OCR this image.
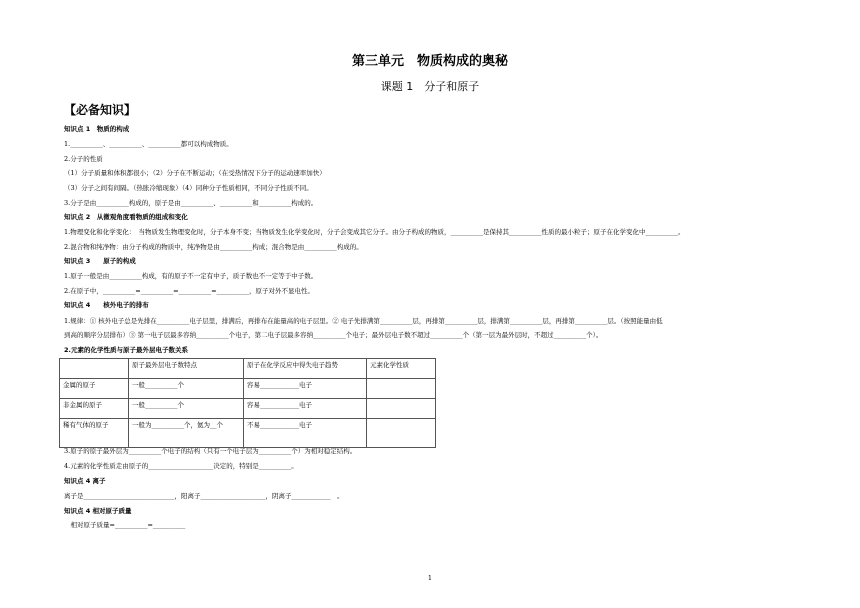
第三单元　物质构成的奥秘
课题 1　分子和原子
【必备知识】
知识点 1　物质的构成
1.__________、__________、__________都可以构成物质。
2.分子的性质
（1）分子质量和体积都很小；（2）分子在不断运动；（在受热情况下分子的运动速率加快）
（3）分子之间有间隔。（热胀冷缩现象）（4）同种分子性质相同，不同分子性质不同。
3.分子是由__________构成的，原子是由__________、__________和__________构成的。
知识点 2　从微观角度看物质的组成和变化
1.物理变化和化学变化：　当物质发生物理变化时，分子本身不变；当物质发生化学变化时，分子会变成其它分子。由分子构成的物质，__________是保持其__________性质的最小粒子；原子在化学变化中__________。
2.混合物和纯净物：由分子构成的物质中，纯净物是由__________构成；混合物是由__________构成的。
知识点 3　　原子的构成
1.原子一般是由__________构成，有的原子不一定有中子，质子数也不一定等于中子数。
2.在原子中，__________=__________=__________=__________，原子对外不显电性。
知识点 4　　核外电子的排布
1.规律：① 核外电子总是先排在__________电子层里，排满后，再排布在能量高的电子层里。② 电子先排满第__________层，再排第__________层，排满第__________层，再排第__________层。（按照能量由低
到高的顺序分层排布）③ 第一电子层最多容纳__________个电子，第二电子层最多容纳__________个电子；最外层电子数不超过__________个（第一层为最外层时，不超过__________个）。
2.元素的化学性质与原子最外层电子数关系
3.原子的原子最外层为__________个电子的结构（只有一个电子层为__________个）为相对稳定结构。
4.元素的化学性质走由原子的____________________决定的，特别是__________。
知识点 4 离子
离子是____________________________，阳离子____________________，阴离子____________　。
知识点 4 相对原子质量
　相对原子质量=__________=__________
	原子最外层电子数特点	原子在化学反应中得失电子趋势	元素化学性质
金属的原子	一般__________个	容易____________电子	
非金属的原子	一般__________个	容易____________电子	
稀有气体的原子	一般为__________个，氦为__个	不易____________电子	
1
